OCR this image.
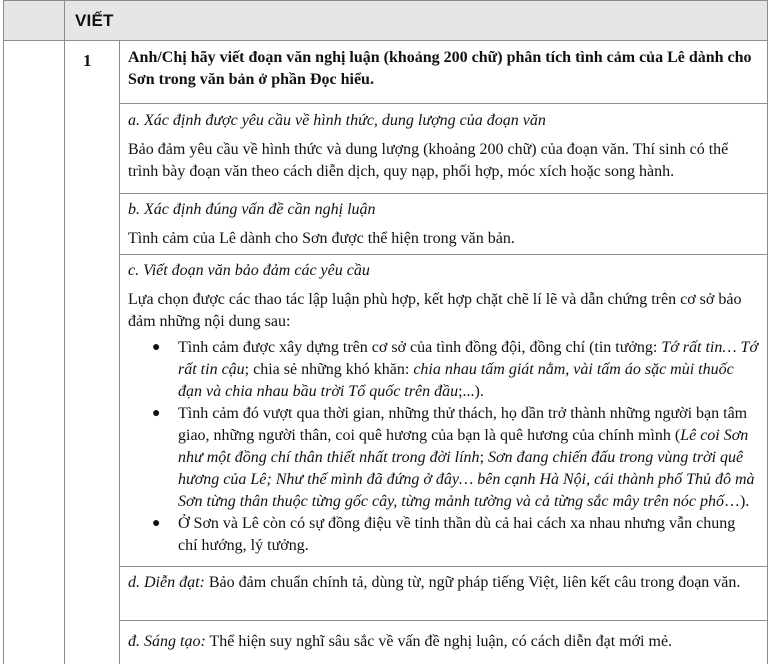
VIẾT
1 Anh/Chị hãy viết đoạn văn nghị luận (khoảng 200 chữ) phân tích tình cảm của Lê dành cho Sơn trong văn bản ở phần Đọc hiểu.
a. Xác định được yêu cầu về hình thức, dung lượng của đoạn văn
Bảo đảm yêu cầu về hình thức và dung lượng (khoảng 200 chữ) của đoạn văn. Thí sinh có thể trình bày đoạn văn theo cách diễn dịch, quy nạp, phối hợp, móc xích hoặc song hành.
b. Xác định đúng vấn đề cần nghị luận
Tình cảm của Lê dành cho Sơn được thể hiện trong văn bản.
c. Viết đoạn văn bảo đảm các yêu cầu
Lựa chọn được các thao tác lập luận phù hợp, kết hợp chặt chẽ lí lẽ và dẫn chứng trên cơ sở bảo đảm những nội dung sau:
● Tình cảm được xây dựng trên cơ sở của tình đồng đội, đồng chí (tin tưởng: Tớ rất tin… Tớ rất tin cậu; chia sẻ những khó khăn: chia nhau tấm giát nằm, vài tấm áo sặc mùi thuốc đạn và chia nhau bầu trời Tổ quốc trên đầu;...).
● Tình cảm đó vượt qua thời gian, những thử thách, họ dần trở thành những người bạn tâm giao, những người thân, coi quê hương của bạn là quê hương của chính mình (Lê coi Sơn như một đồng chí thân thiết nhất trong đời lính; Sơn đang chiến đấu trong vùng trời quê hương của Lê; Như thế mình đã đứng ở đây… bên cạnh Hà Nội, cái thành phố Thủ đô mà Sơn từng thân thuộc từng gốc cây, từng mảnh tường và cả từng sắc mây trên nóc phố…).
● Ở Sơn và Lê còn có sự đồng điệu về tinh thần dù cả hai cách xa nhau nhưng vẫn chung chí hướng, lý tưởng.
d. Diễn đạt: Bảo đảm chuẩn chính tả, dùng từ, ngữ pháp tiếng Việt, liên kết câu trong đoạn văn.
đ. Sáng tạo: Thể hiện suy nghĩ sâu sắc về vấn đề nghị luận, có cách diễn đạt mới mẻ.
